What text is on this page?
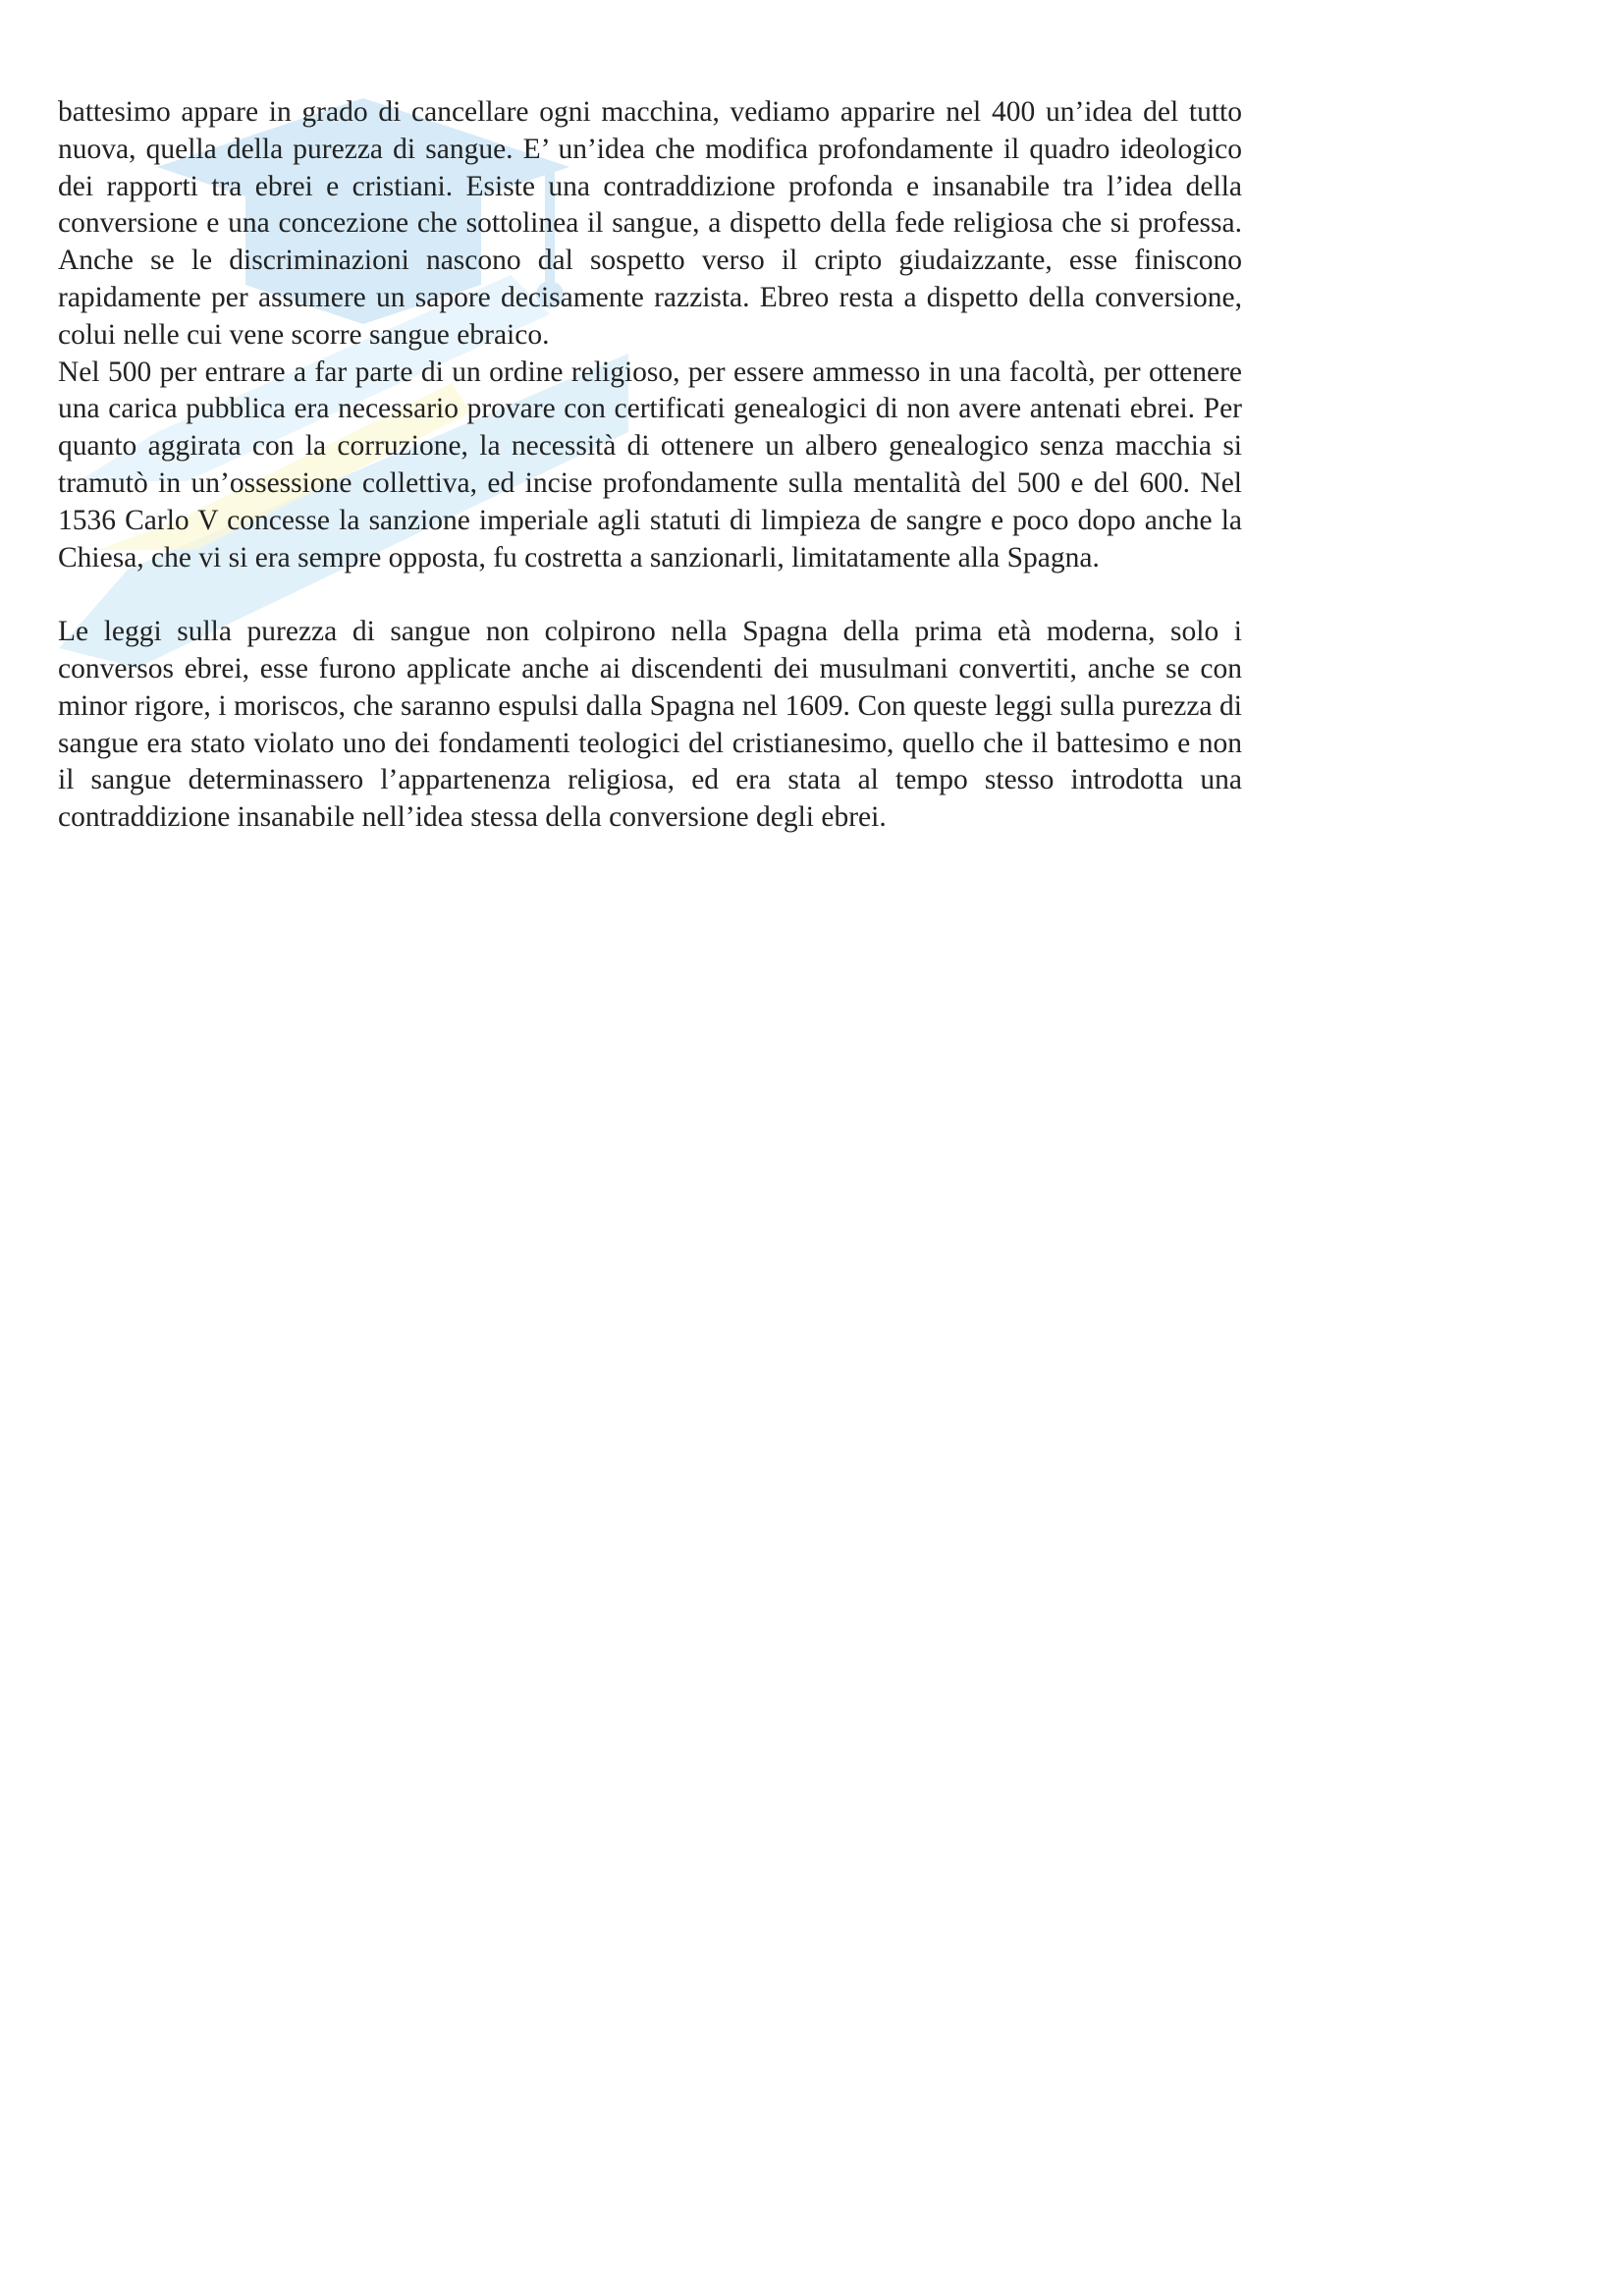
battesimo appare in grado di cancellare ogni macchina, vediamo apparire nel 400 un’idea del tutto nuova, quella della purezza di sangue. E’ un’idea che modifica profondamente il quadro ideologico dei rapporti tra ebrei e cristiani. Esiste una contraddizione profonda e insanabile tra l’idea della conversione e una concezione che sottolinea il sangue, a dispetto della fede religiosa che si professa. Anche se le discriminazioni nascono dal sospetto verso il cripto giudaizzante, esse finiscono rapidamente per assumere un sapore decisamente razzista. Ebreo resta a dispetto della conversione, colui nelle cui vene scorre sangue ebraico.

Nel 500 per entrare a far parte di un ordine religioso, per essere ammesso in una facoltà, per ottenere una carica pubblica era necessario provare con certificati genealogici di non avere antenati ebrei. Per quanto aggirata con la corruzione, la necessità di ottenere un albero genealogico senza macchia si tramutò in un’ossessione collettiva, ed incise profondamente sulla mentalità del 500 e del 600. Nel 1536 Carlo V concesse la sanzione imperiale agli statuti di limpieza de sangre e poco dopo anche la Chiesa, che vi si era sempre opposta, fu costretta a sanzionarli, limitatamente alla Spagna.

Le leggi sulla purezza di sangue non colpirono nella Spagna della prima età moderna, solo i conversos ebrei, esse furono applicate anche ai discendenti dei musulmani convertiti, anche se con minor rigore, i moriscos, che saranno espulsi dalla Spagna nel 1609. Con queste leggi sulla purezza di sangue era stato violato uno dei fondamenti teologici del cristianesimo, quello che il battesimo e non il sangue determinassero l’appartenenza religiosa, ed era stata al tempo stesso introdotta una contraddizione insanabile nell’idea stessa della conversione degli ebrei.
